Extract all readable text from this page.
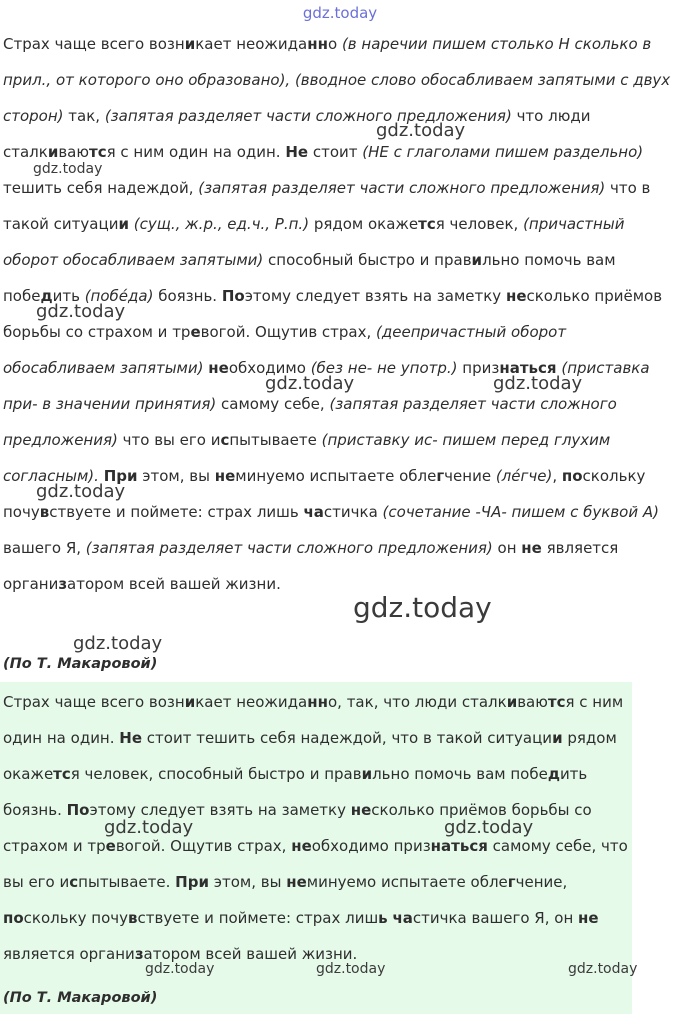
gdz.today
Страх чаще всего возникает неожиданно (в наречии пишем столько Н сколько в прил., от которого оно образовано), (вводное слово обосабливаем запятыми с двух сторон) так, (запятая разделяет части сложного предложения) что люди сталкиваются с ним один на один. Не стоит (НЕ с глаголами пишем раздельно) тешить себя надеждой, (запятая разделяет части сложного предложения) что в такой ситуации (сущ., ж.р., ед.ч., Р.п.) рядом окажется человек, (причастный оборот обосабливаем запятыми) способный быстро и правильно помочь вам победить (побе́да) боязнь. Поэтому следует взять на заметку несколько приёмов борьбы со страхом и тревогой. Ощутив страх, (деепричастный оборот обосабливаем запятыми) необходимо (без не- не употр.) признаться (приставка при- в значении принятия) самому себе, (запятая разделяет части сложного предложения) что вы его испытываете (приставку ис- пишем перед глухим согласным). При этом, вы неминуемо испытаете облегчение (ле́гче), поскольку почувствуете и поймете: страх лишь частичка (сочетание -ЧА- пишем с буквой А) вашего Я, (запятая разделяет части сложного предложения) он не является организатором всей вашей жизни.
(По Т. Макаровой)
Страх чаще всего возникает неожиданно, так, что люди сталкиваются с ним один на один. Не стоит тешить себя надеждой, что в такой ситуации рядом окажется человек, способный быстро и правильно помочь вам победить боязнь. Поэтому следует взять на заметку несколько приёмов борьбы со страхом и тревогой. Ощутив страх, необходимо признаться самому себе, что вы его испытываете. При этом, вы неминуемо испытаете облегчение, поскольку почувствуете и поймете: страх лишь частичка вашего Я, он не является организатором всей вашей жизни.
(По Т. Макаровой)
gdz.today
gdz.today
gdz.today
gdz.today	gdz.today
gdz.today
gdz.today
gdz.today
gdz.today	gdz.today
gdz.today	gdz.today	gdz.today
